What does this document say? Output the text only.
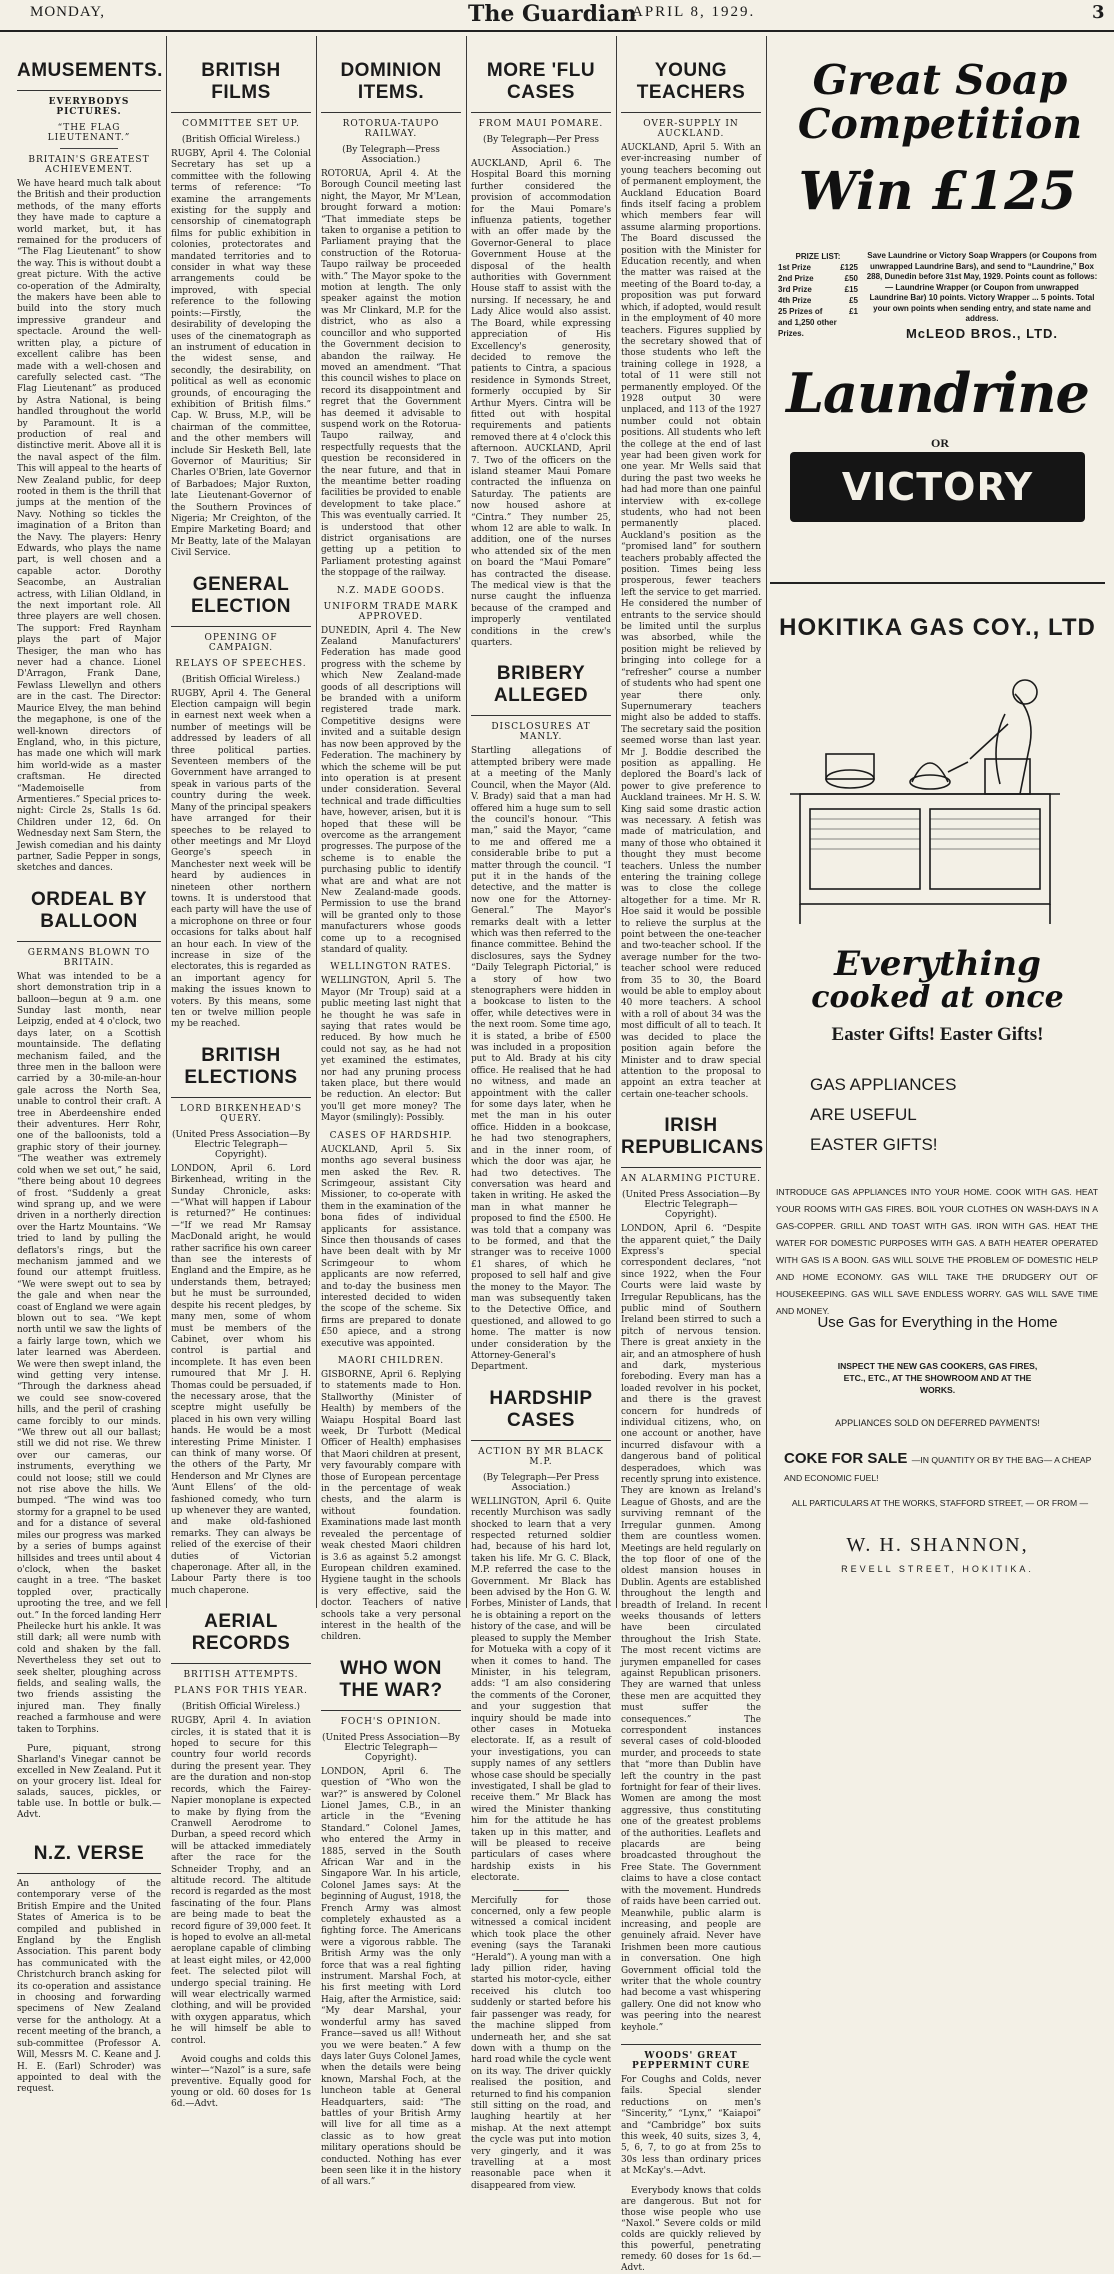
MONDAY,	The Guardian
APRIL 8, 1929.	3
AMUSEMENTS.
EVERYBODYS PICTURES.
“THE FLAG LIEUTENANT.”
BRITAIN'S GREATEST ACHIEVEMENT.
We have heard much talk about the British and their production methods, of the many efforts they have made to capture a world market, but, it has remained for the producers of “The Flag Lieutenant” to show the way. This is without doubt a great picture. With the active co-operation of the Admiralty, the makers have been able to build into the story much impressive grandeur and spectacle. Around the well-written play, a picture of excellent calibre has been made with a well-chosen and carefully selected cast. “The Flag Lieutenant” as produced by Astra National, is being handled throughout the world by Paramount. It is a production of real and distinctive merit. Above all it is the naval aspect of the film. This will appeal to the hearts of New Zealand public, for deep rooted in them is the thrill that jumps at the mention of the Navy. Nothing so tickles the imagination of a Briton than the Navy. The players: Henry Edwards, who plays the name part, is well chosen and a capable actor. Dorothy Seacombe, an Australian actress, with Lilian Oldland, in the next important role. All three players are well chosen. The support: Fred Raynham plays the part of Major Thesiger, the man who has never had a chance. Lionel D'Arragon, Frank Dane, Fewlass Llewellyn and others are in the cast. The Director: Maurice Elvey, the man behind the megaphone, is one of the well-known directors of England, who, in this picture, has made one which will mark him world-wide as a master craftsman. He directed “Mademoiselle from Armentieres.” Special prices to-night: Circle 2s, Stalls 1s 6d. Children under 12, 6d. On Wednesday next Sam Stern, the Jewish comedian and his dainty partner, Sadie Pepper in songs, sketches and dances.
ORDEAL BY BALLOON
GERMANS BLOWN TO BRITAIN.
What was intended to be a short demonstration trip in a balloon—begun at 9 a.m. one Sunday last month, near Leipzig, ended at 4 o'clock, two days later, on a Scottish mountainside. The deflating mechanism failed, and the three men in the balloon were carried by a 30-mile-an-hour gale across the North Sea, unable to control their craft. A tree in Aberdeenshire ended their adventures. Herr Rohr, one of the balloonists, told a graphic story of their journey. “The weather was extremely cold when we set out,” he said, “there being about 10 degrees of frost. “Suddenly a great wind sprang up, and we were driven in a northerly direction over the Hartz Mountains. “We tried to land by pulling the deflators's rings, but the mechanism jammed and we found our attempt fruitless. “We were swept out to sea by the gale and when near the coast of England we were again blown out to sea. “We kept north until we saw the lights of a fairly large town, which we later learned was Aberdeen. We were then swept inland, the wind getting very intense. “Through the darkness ahead we could see snow-covered hills, and the peril of crashing came forcibly to our minds. “We threw out all our ballast; still we did not rise. We threw over our cameras, our instruments, everything we could not loose; still we could not rise above the hills. We bumped. “The wind was too stormy for a grapnel to be used and for a distance of several miles our progress was marked by a series of bumps against hillsides and trees until about 4 o'clock, when the basket caught in a tree. “The basket toppled over, practically uprooting the tree, and we fell out.” In the forced landing Herr Pheilecke hurt his ankle. It was still dark; all were numb with cold and shaken by the fall. Nevertheless they set out to seek shelter, ploughing across fields, and sealing walls, the two friends assisting the injured man. They finally reached a farmhouse and were taken to Torphins.
Pure, piquant, strong Sharland's Vinegar cannot be excelled in New Zealand. Put it on your grocery list. Ideal for salads, sauces, pickles, or table use. In bottle or bulk.—Advt.
N.Z. VERSE
An anthology of the contemporary verse of the British Empire and the United States of America is to be compiled and published in England by the English Association. This parent body has communicated with the Christchurch branch asking for its co-operation and assistance in choosing and forwarding specimens of New Zealand verse for the anthology. At a recent meeting of the branch, a sub-committee (Professor A. Will, Messrs M. C. Keane and J. H. E. (Earl) Schroder) was appointed to deal with the request.
BRITISH FILMS
COMMITTEE SET UP.
(British Official Wireless.)
RUGBY, April 4. The Colonial Secretary has set up a committee with the following terms of reference: “To examine the arrangements existing for the supply and censorship of cinematograph films for public exhibition in colonies, protectorates and mandated territories and to consider in what way these arrangements could be improved, with special reference to the following points:—Firstly, the desirability of developing the uses of the cinematograph as an instrument of education in the widest sense, and secondly, the desirability, on political as well as economic grounds, of encouraging the exhibition of British films.” Cap. W. Bruss, M.P., will be chairman of the committee, and the other members will include Sir Hesketh Bell, late Governor of Mauritius; Sir Charles O'Brien, late Governor of Barbadoes; Major Ruxton, late Lieutenant-Governor of the Southern Provinces of Nigeria; Mr Creighton, of the Empire Marketing Board; and Mr Beatty, late of the Malayan Civil Service.
GENERAL ELECTION
OPENING OF CAMPAIGN.
RELAYS OF SPEECHES.
(British Official Wireless.)
RUGBY, April 4. The General Election campaign will begin in earnest next week when a number of meetings will be addressed by leaders of all three political parties. Seventeen members of the Government have arranged to speak in various parts of the country during the week. Many of the principal speakers have arranged for their speeches to be relayed to other meetings and Mr Lloyd George's speech in Manchester next week will be heard by audiences in nineteen other northern towns. It is understood that each party will have the use of a microphone on three or four occasions for talks about half an hour each. In view of the increase in size of the electorates, this is regarded as an important agency for making the issues known to voters. By this means, some ten or twelve million people my be reached.
BRITISH ELECTIONS
LORD BIRKENHEAD'S QUERY.
(United Press Association—By Electric Telegraph—Copyright).
LONDON, April 6. Lord Birkenhead, writing in the Sunday Chronicle, asks:—“What will happen if Labour is returned?” He continues:—“If we read Mr Ramsay MacDonald aright, he would rather sacrifice his own career than see the interests of England and the Empire, as he understands them, betrayed; but he must be surrounded, despite his recent pledges, by many men, some of whom must be members of the Cabinet, over whom his control is partial and incomplete. It has even been rumoured that Mr J. H. Thomas could be persuaded, if the necessary arose, that the sceptre might usefully be placed in his own very willing hands. He would be a most interesting Prime Minister. I can think of many worse. Of the others of the Party, Mr Henderson and Mr Clynes are ‘Aunt Ellens’ of the old-fashioned comedy, who turn up whenever they are wanted, and make old-fashioned remarks. They can always be relied of the exercise of their duties of Victorian chaperonage. After all, in the Labour Party there is too much chaperone.
AERIAL RECORDS
BRITISH ATTEMPTS.
PLANS FOR THIS YEAR.
(British Official Wireless.)
RUGBY, April 4. In aviation circles, it is stated that it is hoped to secure for this country four world records during the present year. They are the duration and non-stop records, which the Fairey-Napier monoplane is expected to make by flying from the Cranwell Aerodrome to Durban, a speed record which will be attacked immediately after the race for the Schneider Trophy, and an altitude record. The altitude record is regarded as the most fascinating of the four. Plans are being made to beat the record figure of 39,000 feet. It is hoped to evolve an all-metal aeroplane capable of climbing at least eight miles, or 42,000 feet. The selected pilot will undergo special training. He will wear electrically warmed clothing, and will be provided with oxygen apparatus, which he will himself be able to control.
Avoid coughs and colds this winter—“Nazol” is a sure, safe preventive. Equally good for young or old. 60 doses for 1s 6d.—Advt.
DOMINION ITEMS.
ROTORUA-TAUPO RAILWAY.
(By Telegraph—Press Association.)
ROTORUA, April 4. At the Borough Council meeting last night, the Mayor, Mr M'Lean, brought forward a motion: “That immediate steps be taken to organise a petition to Parliament praying that the construction of the Rotorua-Taupo railway be proceeded with.” The Mayor spoke to the motion at length. The only speaker against the motion was Mr Clinkard, M.P. for the district, who as also a councillor and who supported the Government decision to abandon the railway. He moved an amendment. “That this council wishes to place on record its disappointment and regret that the Government has deemed it advisable to suspend work on the Rotorua-Taupo railway, and respectfully requests that the question be reconsidered in the near future, and that in the meantime better roading facilities be provided to enable development to take place.” This was eventually carried. It is understood that other district organisations are getting up a petition to Parliament protesting against the stoppage of the railway.
N.Z. MADE GOODS.
UNIFORM TRADE MARK APPROVED.
DUNEDIN, April 4. The New Zealand Manufacturers' Federation has made good progress with the scheme by which New Zealand-made goods of all descriptions will be branded with a uniform registered trade mark. Competitive designs were invited and a suitable design has now been approved by the Federation. The machinery by which the scheme will be put into operation is at present under consideration. Several technical and trade difficulties have, however, arisen, but it is hoped that these will be overcome as the arrangement progresses. The purpose of the scheme is to enable the purchasing public to identify what are and what are not New Zealand-made goods. Permission to use the brand will be granted only to those manufacturers whose goods come up to a recognised standard of quality.
WELLINGTON RATES.
WELLINGTON, April 5. The Mayor (Mr Troup) said at a public meeting last night that he thought he was safe in saying that rates would be reduced. By how much he could not say, as he had not yet examined the estimates, nor had any pruning process taken place, but there would be reduction. An elector: But you'll get more money? The Mayor (smilingly): Possibly.
CASES OF HARDSHIP.
AUCKLAND, April 5. Six months ago several business men asked the Rev. R. Scrimgeour, assistant City Missioner, to co-operate with them in the examination of the bona fides of individual applicants for assistance. Since then thousands of cases have been dealt with by Mr Scrimgeour to whom applicants are now referred, and to-day the business men interested decided to widen the scope of the scheme. Six firms are prepared to donate £50 apiece, and a strong executive was appointed.
MAORI CHILDREN.
GISBORNE, April 6. Replying to statements made to Hon. Stallworthy (Minister of Health) by members of the Waiapu Hospital Board last week, Dr Turbott (Medical Officer of Health) emphasises that Maori children at present, very favourably compare with those of European percentage in the percentage of weak chests, and the alarm is without foundation. Examinations made last month revealed the percentage of weak chested Maori children is 3.6 as against 5.2 amongst European children examined. Hygiene taught in the schools is very effective, said the doctor. Teachers of native schools take a very personal interest in the health of the children.
WHO WON THE WAR?
FOCH'S OPINION.
(United Press Association—By Electric Telegraph—Copyright).
LONDON, April 6. The question of “Who won the war?” is answered by Colonel Lionel James, C.B., in an article in the “Evening Standard.” Colonel James, who entered the Army in 1885, served in the South African War and in the Singapore War. In his article, Colonel James says: At the beginning of August, 1918, the French Army was almost completely exhausted as a fighting force. The Americans were a vigorous rabble. The British Army was the only force that was a real fighting instrument. Marshal Foch, at his first meeting with Lord Haig, after the Armistice, said: “My dear Marshal, your wonderful army has saved France—saved us all! Without you we were beaten.” A few days later Guys Colonel James, when the details were being known, Marshal Foch, at the luncheon table at General Headquarters, said: “The battles of your British Army will live for all time as a classic as to how great military operations should be conducted. Nothing has ever been seen like it in the history of all wars.”
MORE 'FLU CASES
FROM MAUI POMARE.
(By Telegraph—Per Press Association.)
AUCKLAND, April 6. The Hospital Board this morning further considered the provision of accommodation for the Maui Pomare's influenza patients, together with an offer made by the Governor-General to place Government House at the disposal of the health authorities with Government House staff to assist with the nursing. If necessary, he and Lady Alice would also assist. The Board, while expressing appreciation of His Excellency's generosity, decided to remove the patients to Cintra, a spacious residence in Symonds Street, formerly occupied by Sir Arthur Myers. Cintra will be fitted out with hospital requirements and patients removed there at 4 o'clock this afternoon. AUCKLAND, April 7. Two of the officers on the island steamer Maui Pomare contracted the influenza on Saturday. The patients are now housed ashore at “Cintra.” They number 25, whom 12 are able to walk. In addition, one of the nurses who attended six of the men on board the “Maui Pomare” has contracted the disease. The medical view is that the nurse caught the influenza because of the cramped and improperly ventilated conditions in the crew's quarters.
BRIBERY ALLEGED
DISCLOSURES AT MANLY.
Startling allegations of attempted bribery were made at a meeting of the Manly Council, when the Mayor (Ald. V. Brady) said that a man had offered him a huge sum to sell the council's honour. “This man,” said the Mayor, “came to me and offered me a considerable bribe to put a matter through the council. “I put it in the hands of the detective, and the matter is now one for the Attorney-General.” The Mayor's remarks dealt with a letter which was then referred to the finance committee. Behind the disclosures, says the Sydney “Daily Telegraph Pictorial,” is a story of how two stenographers were hidden in a bookcase to listen to the offer, while detectives were in the next room. Some time ago, it is stated, a bribe of £500 was included in a proposition put to Ald. Brady at his city office. He realised that he had no witness, and made an appointment with the caller for some days later, when he met the man in his outer office. Hidden in a bookcase, he had two stenographers, and in the inner room, of which the door was ajar, he had two detectives. The conversation was heard and taken in writing. He asked the man in what manner he proposed to find the £500. He was told that a company was to be formed, and that the stranger was to receive 1000 £1 shares, of which he proposed to sell half and give the money to the Mayor. The man was subsequently taken to the Detective Office, and questioned, and allowed to go home. The matter is now under consideration by the Attorney-General's Department.
HARDSHIP CASES
ACTION BY MR BLACK M.P.
(By Telegraph—Per Press Association.)
WELLINGTON, April 6. Quite recently Murchison was sadly shocked to learn that a very respected returned soldier had, because of his hard lot, taken his life. Mr G. C. Black, M.P. referred the case to the Government. Mr Black has been advised by the Hon G. W. Forbes, Minister of Lands, that he is obtaining a report on the history of the case, and will be pleased to supply the Member for Motueka with a copy of it when it comes to hand. The Minister, in his telegram, adds: “I am also considering the comments of the Coroner, and your suggestion that inquiry should be made into other cases in Motueka electorate. If, as a result of your investigations, you can supply names of any settlers whose case should be specially investigated, I shall be glad to receive them.” Mr Black has wired the Minister thanking him for the attitude he has taken up in this matter, and will be pleased to receive particulars of cases where hardship exists in his electorate.
Mercifully for those concerned, only a few people witnessed a comical incident which took place the other evening (says the Taranaki “Herald”). A young man with a lady pillion rider, having started his motor-cycle, either received his clutch too suddenly or started before his fair passenger was ready, for the machine slipped from underneath her, and she sat down with a thump on the hard road while the cycle went on its way. The driver quickly realised the position, and returned to find his companion still sitting on the road, and laughing heartily at her mishap. At the next attempt the cycle was put into motion very gingerly, and it was travelling at a most reasonable pace when it disappeared from view.
YOUNG TEACHERS
OVER-SUPPLY IN AUCKLAND.
AUCKLAND, April 5. With an ever-increasing number of young teachers becoming out of permanent employment, the Auckland Education Board finds itself facing a problem which members fear will assume alarming proportions. The Board discussed the position with the Minister for Education recently, and when the matter was raised at the meeting of the Board to-day, a proposition was put forward which, if adopted, would result in the employment of 40 more teachers. Figures supplied by the secretary showed that of those students who left the training college in 1928, a total of 11 were still not permanently employed. Of the 1928 output 30 were unplaced, and 113 of the 1927 number could not obtain positions. All students who left the college at the end of last year had been given work for one year. Mr Wells said that during the past two weeks he had had more than one painful interview with ex-college students, who had not been permanently placed. Auckland's position as the “promised land” for southern teachers probably affected the position. Times being less prosperous, fewer teachers left the service to get married. He considered the number of entrants to the service should be limited until the surplus was absorbed, while the position might be relieved by bringing into college for a “refresher” course a number of students who had spent one year there only. Supernumerary teachers might also be added to staffs. The secretary said the position seemed worse than last year. Mr J. Boddie described the position as appalling. He deplored the Board's lack of power to give preference to Auckland trainees. Mr H. S. W. King said some drastic action was necessary. A fetish was made of matriculation, and many of those who obtained it thought they must become teachers. Unless the number entering the training college was to close the college altogether for a time. Mr R. Hoe said it would be possible to relieve the surplus at the point between the one-teacher and two-teacher school. If the average number for the two-teacher school were reduced from 35 to 30, the Board would be able to employ about 40 more teachers. A school with a roll of about 34 was the most difficult of all to teach. It was decided to place the position again before the Minister and to draw special attention to the proposal to appoint an extra teacher at certain one-teacher schools.
IRISH REPUBLICANS
AN ALARMING PICTURE.
(United Press Association—By Electric Telegraph—Copyright).
LONDON, April 6. “Despite the apparent quiet,” the Daily Express's special correspondent declares, “not since 1922, when the Four Courts were laid waste by Irregular Republicans, has the public mind of Southern Ireland been stirred to such a pitch of nervous tension. There is great anxiety in the air, and an atmosphere of hush and dark, mysterious foreboding. Every man has a loaded revolver in his pocket, and there is the gravest concern for hundreds of individual citizens, who, on one account or another, have incurred disfavour with a dangerous band of political desperadoes, which was recently sprung into existence. They are known as Ireland's League of Ghosts, and are the surviving remnant of the Irregular gunmen. Among them are countless women. Meetings are held regularly on the top floor of one of the oldest mansion houses in Dublin. Agents are established throughout the length and breadth of Ireland. In recent weeks thousands of letters have been circulated throughout the Irish State. The most recent victims are jurymen empanelled for cases against Republican prisoners. They are warned that unless these men are acquitted they must suffer the consequences.” The correspondent instances several cases of cold-blooded murder, and proceeds to state that “more than Dublin have left the country in the past fortnight for fear of their lives. Women are among the most aggressive, thus constituting one of the greatest problems of the authorities. Leaflets and placards are being broadcasted throughout the Free State. The Government claims to have a close contact with the movement. Hundreds of raids have been carried out. Meanwhile, public alarm is increasing, and people are genuinely afraid. Never have Irishmen been more cautious in conversation. One high Government official told the writer that the whole country had become a vast whispering gallery. One did not know who was peering into the nearest keyhole.”
WOODS' GREAT PEPPERMINT CURE
For Coughs and Colds, never fails. Special slender reductions on men's “Sincerity,” “Lynx,” “Kaiapoi” and “Cambridge” box suits this week, 40 suits, sizes 3, 4, 5, 6, 7, to go at from 25s to 30s less than ordinary prices at McKay's.—Advt.
Everybody knows that colds are dangerous. But not for those wise people who use “Naxol.” Severe colds or mild colds are quickly relieved by this powerful, penetrating remedy. 60 doses for 1s 6d.—Advt.
Great Soap Competition
Win £125
PRIZE LIST:
1st Prize	£125
2nd Prize	£50
3rd Prize	£15
4th Prize	£5
25 Prizes of	£1
and 1,250 other
Prizes.
Save Laundrine or Victory Soap Wrappers (or Coupons from unwrapped Laundrine Bars), and send to “Laundrine,” Box 288, Dunedin before 31st May, 1929. Points count as follows:— Laundrine Wrapper (or Coupon from unwrapped Laundrine Bar) 10 points. Victory Wrapper ... 5 points. Total your own points when sending entry, and state name and address.
McLEOD BROS., LTD.
Laundrine
OR
VICTORY SOAP
HOKITIKA GAS COY., LTD
Everything
cooked at once
Easter Gifts! Easter Gifts!
GAS APPLIANCES
ARE USEFUL
EASTER GIFTS!
INTRODUCE GAS APPLIANCES INTO YOUR HOME. COOK WITH GAS. HEAT YOUR ROOMS WITH GAS FIRES. BOIL YOUR CLOTHES ON WASH-DAYS IN A GAS-COPPER. GRILL AND TOAST WITH GAS. IRON WITH GAS. HEAT THE WATER FOR DOMESTIC PURPOSES WITH GAS. A BATH HEATER OPERATED WITH GAS IS A BOON. GAS WILL SOLVE THE PROBLEM OF DOMESTIC HELP AND HOME ECONOMY. GAS WILL TAKE THE DRUDGERY OUT OF HOUSEKEEPING. GAS WILL SAVE ENDLESS WORRY. GAS WILL SAVE TIME AND MONEY.
Use Gas for Everything in the Home
INSPECT THE NEW GAS COOKERS, GAS FIRES, ETC., ETC., AT THE SHOWROOM AND AT THE WORKS.
APPLIANCES SOLD ON DEFERRED PAYMENTS!
COKE FOR SALE —IN QUANTITY OR BY THE BAG— A CHEAP AND ECONOMIC FUEL!
ALL PARTICULARS AT THE WORKS, STAFFORD STREET, — OR FROM —
W. H. SHANNON,
REVELL STREET, HOKITIKA.
